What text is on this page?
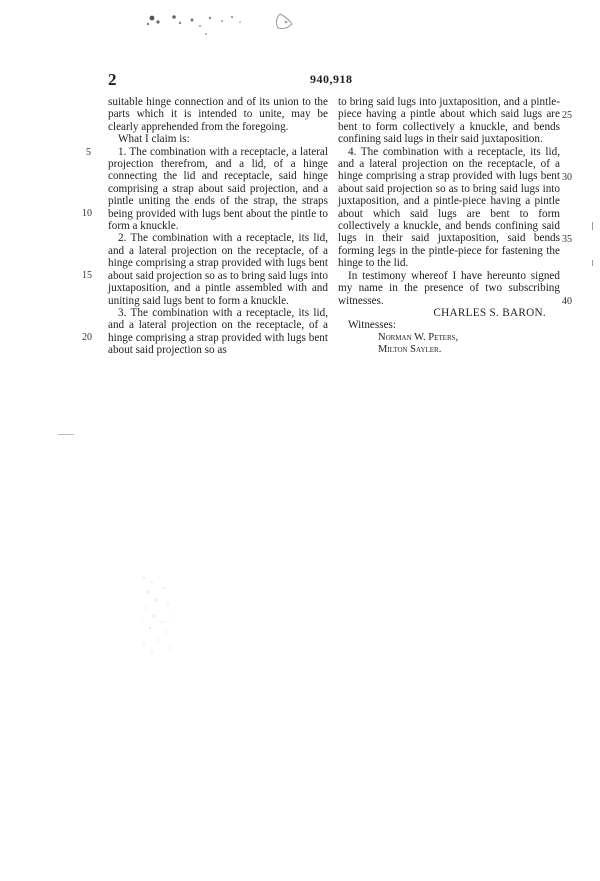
2	940,918
5
10
15
20
25
30
35
40

suitable hinge connection and of its union to the parts which it is intended to unite, may be clearly apprehended from the foregoing.

What I claim is:

1. The combination with a receptacle, a lateral projection therefrom, and a lid, of a hinge connecting the lid and receptacle, said hinge comprising a strap about said projection, and a pintle uniting the ends of the strap, the straps being provided with lugs bent about the pintle to form a knuckle.

2. The combination with a receptacle, its lid, and a lateral projection on the receptacle, of a hinge comprising a strap provided with lugs bent about said projection so as to bring said lugs into juxtaposition, and a pintle assembled with and uniting said lugs bent to form a knuckle.

3. The combination with a receptacle, its lid, and a lateral projection on the receptacle, of a hinge comprising a strap provided with lugs bent about said projection so as

to bring said lugs into juxtaposition, and a pintle-piece having a pintle about which said lugs are bent to form collectively a knuckle, and bends confining said lugs in their said juxtaposition.

4. The combination with a receptacle, its lid, and a lateral projection on the receptacle, of a hinge comprising a strap provided with lugs bent about said projection so as to bring said lugs into juxtaposition, and a pintle-piece having a pintle about which said lugs are bent to form collectively a knuckle, and bends confining said lugs in their said juxtaposition, said bends forming legs in the pintle-piece for fastening the hinge to the lid.

In testimony whereof I have hereunto signed my name in the presence of two subscribing witnesses.

CHARLES S. BARON.

Witnesses:

Norman W. Peters,

Milton Sayler.
